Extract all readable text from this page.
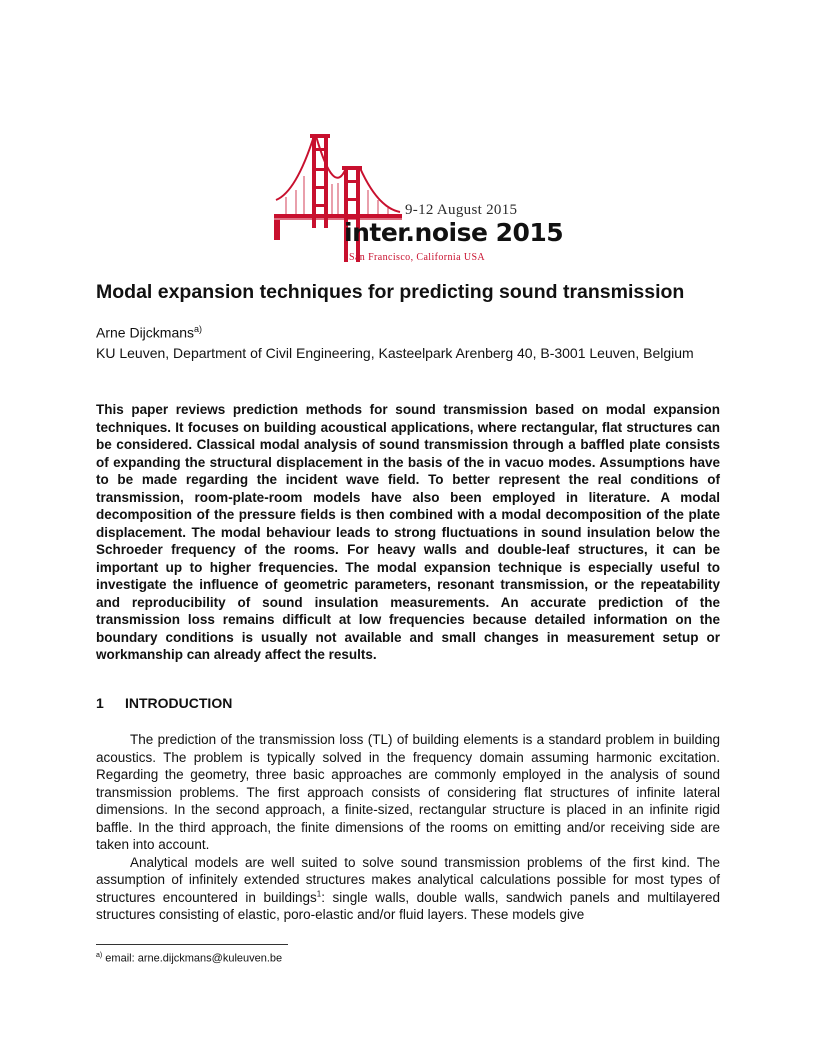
9-12 August 2015
inter.noise 2015
San Francisco, California USA
Modal expansion techniques for predicting sound transmission
Arne Dijckmans$^{a)}$
KU Leuven, Department of Civil Engineering, Kasteelpark Arenberg 40, B-3001 Leuven, Belgium

This paper reviews prediction methods for sound transmission based on modal expansion techniques. It focuses on building acoustical applications, where rectangular, flat structures can be considered. Classical modal analysis of sound transmission through a baffled plate consists of expanding the structural displacement in the basis of the in vacuo modes. Assumptions have to be made regarding the incident wave field. To better represent the real conditions of transmission, room-plate-room models have also been employed in literature. A modal decomposition of the pressure fields is then combined with a modal decomposition of the plate displacement. The modal behaviour leads to strong fluctuations in sound insulation below the Schroeder frequency of the rooms. For heavy walls and double-leaf structures, it can be important up to higher frequencies. The modal expansion technique is especially useful to investigate the influence of geometric parameters, resonant transmission, or the repeatability and reproducibility of sound insulation measurements. An accurate prediction of the transmission loss remains difficult at low frequencies because detailed information on the boundary conditions is usually not available and small changes in measurement setup or workmanship can already affect the results.

1 INTRODUCTION

The prediction of the transmission loss (TL) of building elements is a standard problem in building acoustics. The problem is typically solved in the frequency domain assuming harmonic excitation. Regarding the geometry, three basic approaches are commonly employed in the analysis of sound transmission problems. The first approach consists of considering flat structures of infinite lateral dimensions. In the second approach, a finite-sized, rectangular structure is placed in an infinite rigid baffle. In the third approach, the finite dimensions of the rooms on emitting and/or receiving side are taken into account.

Analytical models are well suited to solve sound transmission problems of the first kind. The assumption of infinitely extended structures makes analytical calculations possible for most types of structures encountered in buildings$^1$: single walls, double walls, sandwich panels and multilayered structures consisting of elastic, poro-elastic and/or fluid layers. These models give

$^{a)}$ email: arne.dijckmans@kuleuven.be
